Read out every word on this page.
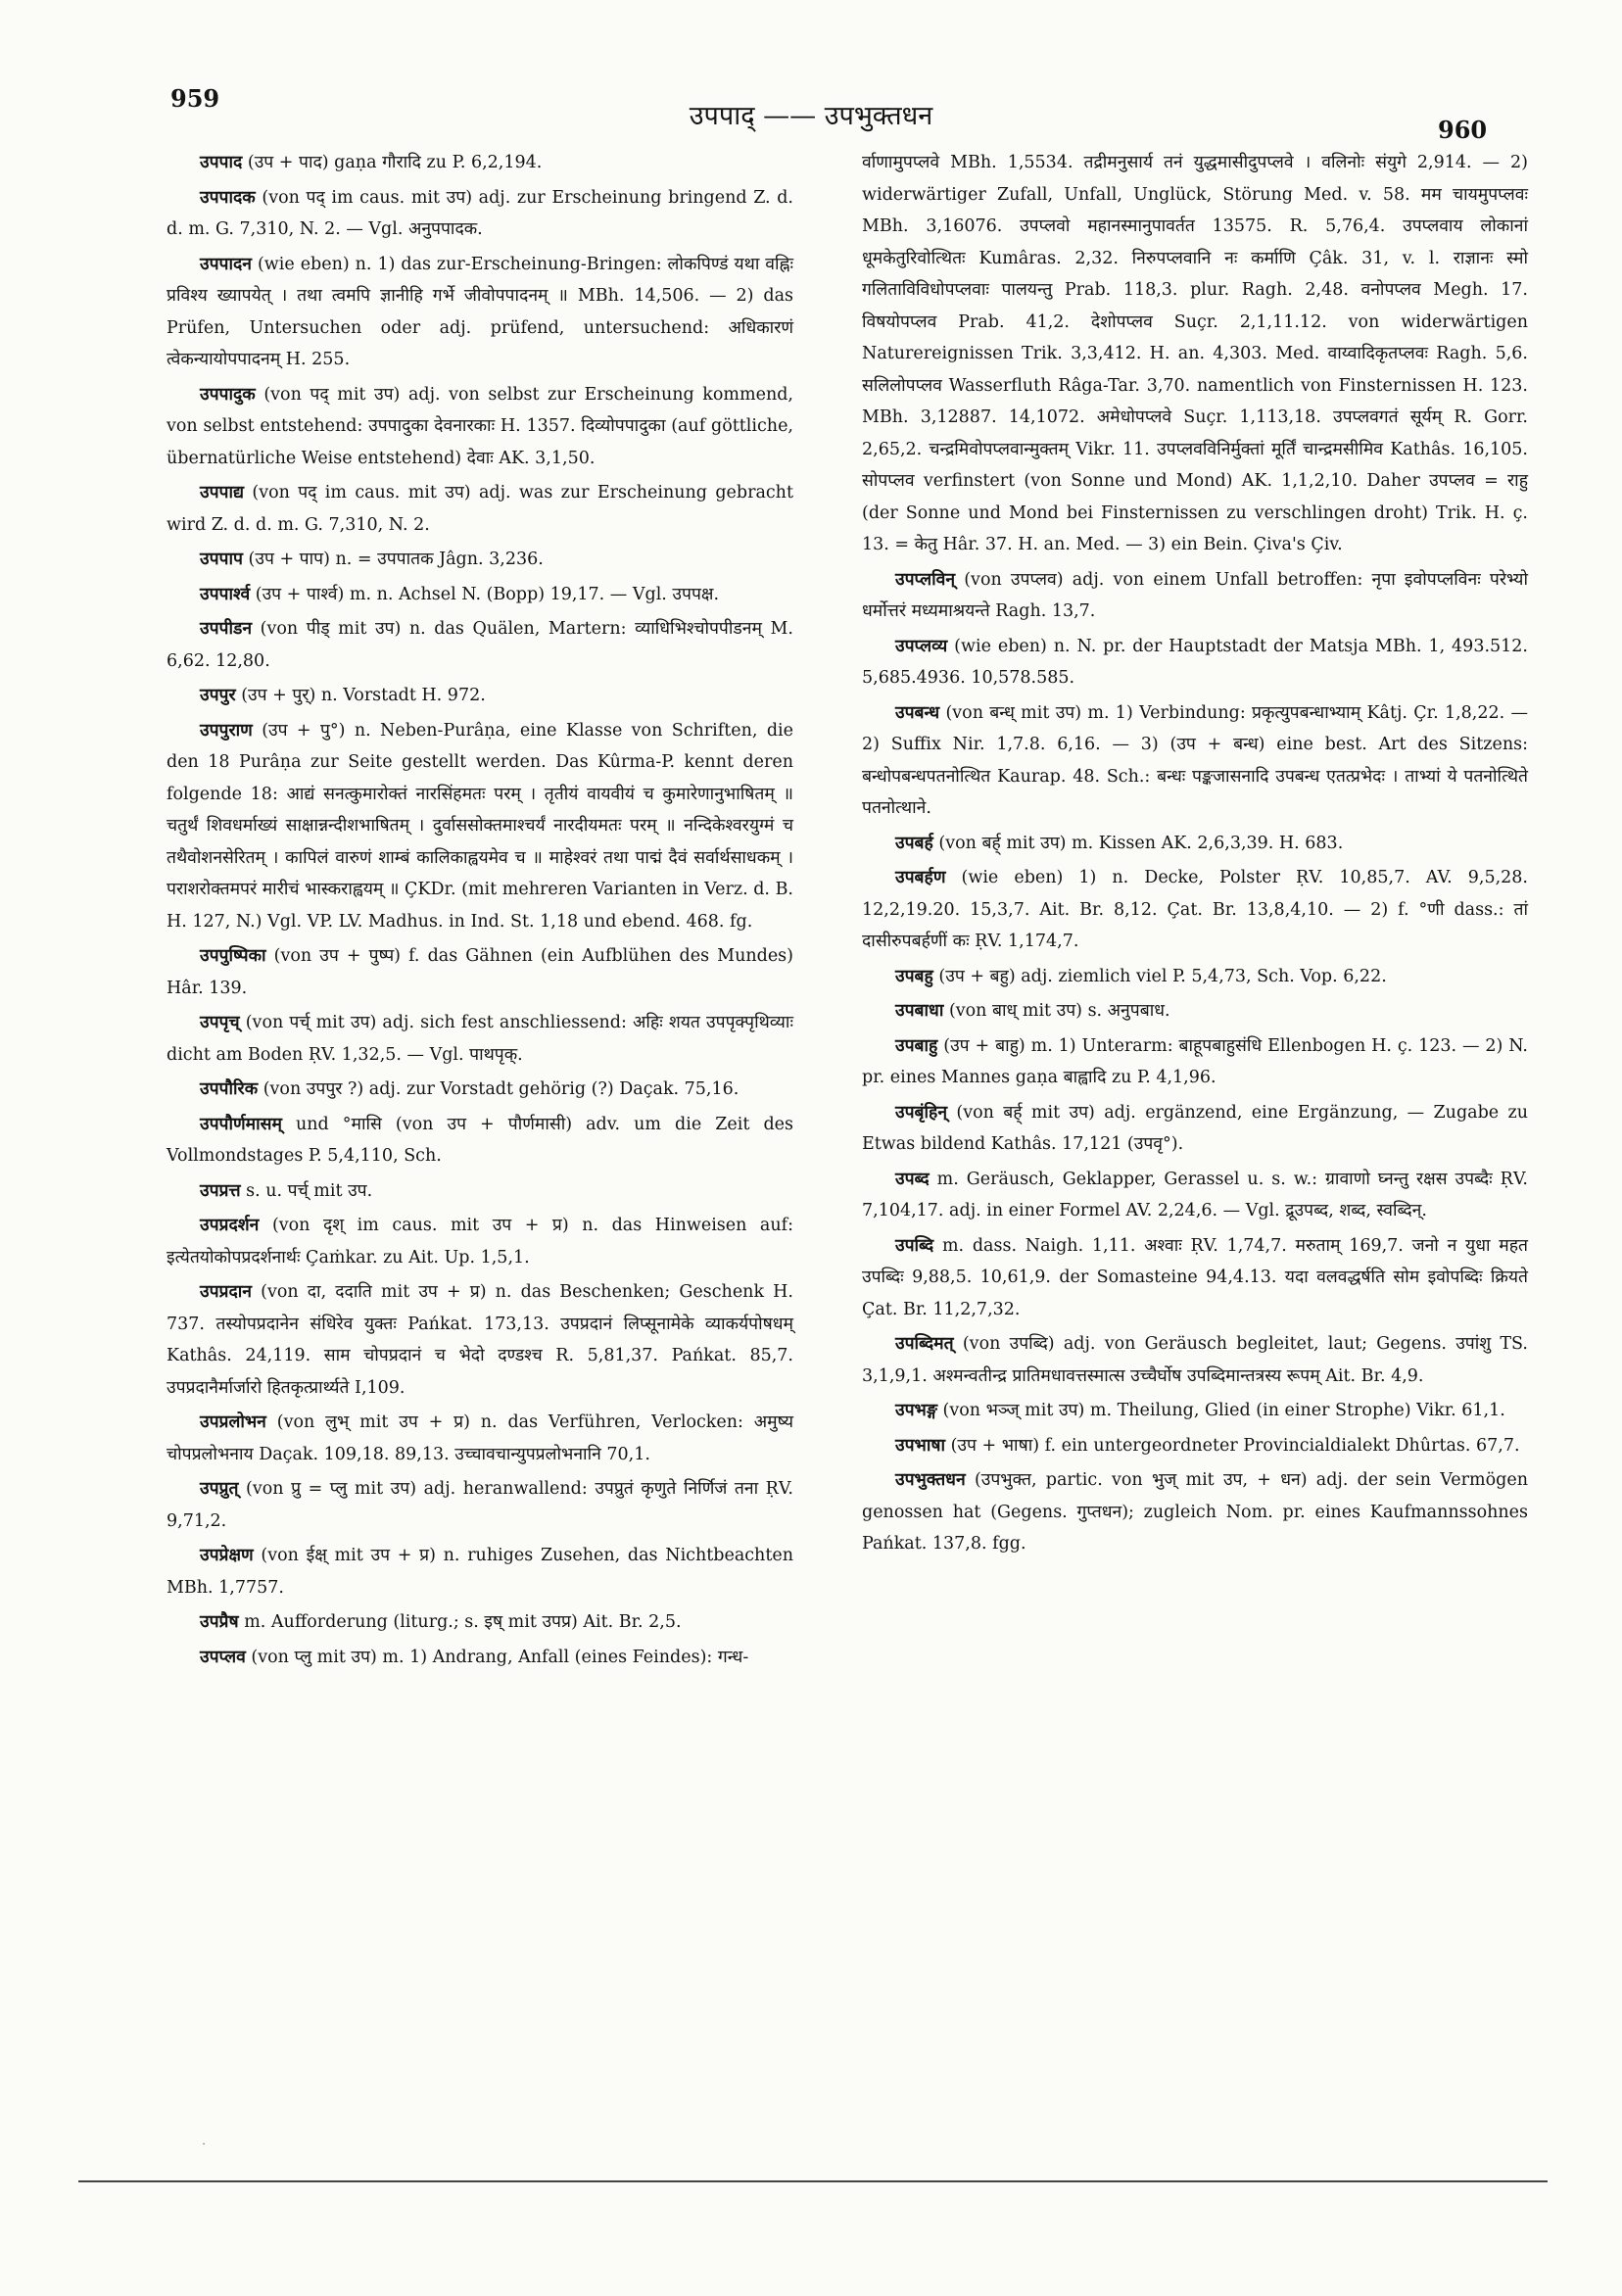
959
उपपाद् —— उपभुक्तधन	960

उपपाद (उप + पाद) gaṇa गौरादि zu P. 6,2,194.

उपपादक (von पद् im caus. mit उप) adj. zur Erscheinung bringend Z. d. d. m. G. 7,310, N. 2. — Vgl. अनुपपादक.

उपपादन (wie eben) n. 1) das zur-Erscheinung-Bringen: लोकपिण्डं यथा वह्निः प्रविश्य ख्यापयेत् । तथा त्वमपि ज्ञानीहि गर्भे जीवोपपादनम् ॥ MBh. 14,506. — 2) das Prüfen, Untersuchen oder adj. prüfend, untersuchend: अधिकारणं त्वेकन्यायोपपादनम् H. 255.

उपपादुक (von पद् mit उप) adj. von selbst zur Erscheinung kommend, von selbst entstehend: उपपादुका देवनारकाः H. 1357. दिव्योपपादुका (auf göttliche, übernatürliche Weise entstehend) देवाः AK. 3,1,50.

उपपाद्य (von पद् im caus. mit उप) adj. was zur Erscheinung gebracht wird Z. d. d. m. G. 7,310, N. 2.

उपपाप (उप + पाप) n. = उपपातक Jâgn. 3,236.

उपपार्श्व (उप + पार्श्व) m. n. Achsel N. (Bopp) 19,17. — Vgl. उपपक्ष.

उपपीडन (von पीड् mit उप) n. das Quälen, Martern: व्याधिभिश्चोपपीडनम् M. 6,62. 12,80.

उपपुर (उप + पुर्) n. Vorstadt H. 972.

उपपुराण (उप + पु°) n. Neben-Purâṇa, eine Klasse von Schriften, die den 18 Purâṇa zur Seite gestellt werden. Das Kûrma-P. kennt deren folgende 18: आद्यं सनत्कुमारोक्तं नारसिंहमतः परम् । तृतीयं वायवीयं च कुमारेणानुभाषितम् ॥ चतुर्थं शिवधर्माख्यं साक्षान्नन्दीशभाषितम् । दुर्वाससोक्तमाश्चर्यं नारदीयमतः परम् ॥ नन्दिकेश्वरयुग्मं च तथैवोशनसेरितम् । कापिलं वारुणं शाम्बं कालिकाह्वयमेव च ॥ माहेश्वरं तथा पाद्मं दैवं सर्वार्थसाधकम् । पराशरोक्तमपरं मारीचं भास्कराह्वयम् ॥ ÇKDr. (mit mehreren Varianten in Verz. d. B. H. 127, N.) Vgl. VP. LV. Madhus. in Ind. St. 1,18 und ebend. 468. fg.

उपपुष्पिका (von उप + पुष्प) f. das Gähnen (ein Aufblühen des Mundes) Hâr. 139.

उपपृच् (von पर्च् mit उप) adj. sich fest anschliessend: अहिः शयत उपपृक्पृथिव्याः dicht am Boden ṚV. 1,32,5. — Vgl. पाथपृक्.

उपपौरिक (von उपपुर ?) adj. zur Vorstadt gehörig (?) Daçak. 75,16.

उपपौर्णमासम् und °मासि (von उप + पौर्णमासी) adv. um die Zeit des Vollmondstages P. 5,4,110, Sch.

उपप्रत्त s. u. पर्च् mit उप.

उपप्रदर्शन (von दृश् im caus. mit उप + प्र) n. das Hinweisen auf: इत्येतयोकोपप्रदर्शनार्थः Çaṁkar. zu Ait. Up. 1,5,1.

उपप्रदान (von दा, ददाति mit उप + प्र) n. das Beschenken; Geschenk H. 737. तस्योपप्रदानेन संधिरेव युक्तः Pańkat. 173,13. उपप्रदानं लिप्सूनामेके व्याकर्यपोषधम् Kathâs. 24,119. साम चोपप्रदानं च भेदो दण्डश्च R. 5,81,37. Pańkat. 85,7. उपप्रदानैर्मार्जारो हितकृत्प्रार्थ्यते I,109.

उपप्रलोभन (von लुभ् mit उप + प्र) n. das Verführen, Verlocken: अमुष्य चोपप्रलोभनाय Daçak. 109,18. 89,13. उच्चावचान्युपप्रलोभनानि 70,1.

उपप्रुत् (von प्रु = प्लु mit उप) adj. heranwallend: उपप्रुतं कृणुते निर्णिजं तना ṚV. 9,71,2.

उपप्रेक्षण (von ईक्ष् mit उप + प्र) n. ruhiges Zusehen, das Nichtbeachten MBh. 1,7757.

उपप्रैष m. Aufforderung (liturg.; s. इष् mit उपप्र) Ait. Br. 2,5.

उपप्लव (von प्लु mit उप) m. 1) Andrang, Anfall (eines Feindes): गन्ध-

र्वाणामुपप्लवे MBh. 1,5534. तद्रीमनुसार्य तनं युद्धमासीदुपप्लवे । वलिनोः संयुगे 2,914. — 2) widerwärtiger Zufall, Unfall, Unglück, Störung Med. v. 58. मम चायमुपप्लवः MBh. 3,16076. उपप्लवो महानस्मानुपावर्तत 13575. R. 5,76,4. उपप्लवाय लोकानां धूमकेतुरिवोत्थितः Kumâras. 2,32. निरुपप्लवानि नः कर्माणि Çâk. 31, v. l. राज्ञानः स्मो गलिताविविधोपप्लवाः पालयन्तु Prab. 118,3. plur. Ragh. 2,48. वनोपप्लव Megh. 17. विषयोपप्लव Prab. 41,2. देशोपप्लव Suçr. 2,1,11.12. von widerwärtigen Naturereignissen Trik. 3,3,412. H. an. 4,303. Med. वाय्वादिकृतप्लवः Ragh. 5,6. सलिलोपप्लव Wasserfluth Râga-Tar. 3,70. namentlich von Finsternissen H. 123. MBh. 3,12887. 14,1072. अमेधोपप्लवे Suçr. 1,113,18. उपप्लवगतं सूर्यम् R. Gorr. 2,65,2. चन्द्रमिवोपप्लवान्मुक्तम् Vikr. 11. उपप्लवविनिर्मुक्तां मूर्तिं चान्द्रमसीमिव Kathâs. 16,105. सोपप्लव verfinstert (von Sonne und Mond) AK. 1,1,2,10. Daher उपप्लव = राहु (der Sonne und Mond bei Finsternissen zu verschlingen droht) Trik. H. ç. 13. = केतु Hâr. 37. H. an. Med. — 3) ein Bein. Çiva's Çiv.

उपप्लविन् (von उपप्लव) adj. von einem Unfall betroffen: नृपा इवोपप्लविनः परेभ्यो धर्मोत्तरं मध्यमाश्रयन्ते Ragh. 13,7.

उपप्लव्य (wie eben) n. N. pr. der Hauptstadt der Matsja MBh. 1, 493.512. 5,685.4936. 10,578.585.

उपबन्ध (von बन्ध् mit उप) m. 1) Verbindung: प्रकृत्युपबन्धाभ्याम् Kâtj. Çr. 1,8,22. — 2) Suffix Nir. 1,7.8. 6,16. — 3) (उप + बन्ध) eine best. Art des Sitzens: बन्धोपबन्धपतनोत्थित Kaurap. 48. Sch.: बन्धः पङ्कजासनादि उपबन्ध एतत्प्रभेदः । ताभ्यां ये पतनोत्थिते पतनोत्थाने.

उपबर्ह (von बर्ह् mit उप) m. Kissen AK. 2,6,3,39. H. 683.

उपबर्हण (wie eben) 1) n. Decke, Polster ṚV. 10,85,7. AV. 9,5,28. 12,2,19.20. 15,3,7. Ait. Br. 8,12. Çat. Br. 13,8,4,10. — 2) f. °णी dass.: तां दासीरुपबर्हणीं कः ṚV. 1,174,7.

उपबहु (उप + बहु) adj. ziemlich viel P. 5,4,73, Sch. Vop. 6,22.

उपबाधा (von बाध् mit उप) s. अनुपबाध.

उपबाहु (उप + बाहु) m. 1) Unterarm: बाहूपबाहुसंधि Ellenbogen H. ç. 123. — 2) N. pr. eines Mannes gaṇa बाह्वादि zu P. 4,1,96.

उपबृंहिन् (von बर्ह् mit उप) adj. ergänzend, eine Ergänzung, — Zugabe zu Etwas bildend Kathâs. 17,121 (उपवृ°).

उपब्द m. Geräusch, Geklapper, Gerassel u. s. w.: ग्रावाणो घ्नन्तु रक्षस उपब्दैः ṚV. 7,104,17. adj. in einer Formel AV. 2,24,6. — Vgl. द्रूउपब्द, शब्द, स्वब्दिन्.

उपब्दि m. dass. Naigh. 1,11. अश्वाः ṚV. 1,74,7. मरुताम् 169,7. जनो न युधा महत उपब्दिः 9,88,5. 10,61,9. der Somasteine 94,4.13. यदा वलवद्धर्षति सोम इवोपब्दिः क्रियते Çat. Br. 11,2,7,32.

उपब्दिमत् (von उपब्दि) adj. von Geräusch begleitet, laut; Gegens. उपांशु TS. 3,1,9,1. अश्मन्वतीन्द्र प्रातिमधावत्तस्मात्स उच्चैर्घोष उपब्दिमान्तत्रस्य रूपम् Ait. Br. 4,9.

उपभङ्ग (von भञ्ज् mit उप) m. Theilung, Glied (in einer Strophe) Vikr. 61,1.

उपभाषा (उप + भाषा) f. ein untergeordneter Provincialdialekt Dhûrtas. 67,7.

उपभुक्तधन (उपभुक्त, partic. von भुज् mit उप, + धन) adj. der sein Vermögen genossen hat (Gegens. गुप्तधन); zugleich Nom. pr. eines Kaufmannssohnes Pańkat. 137,8. fgg.

·
